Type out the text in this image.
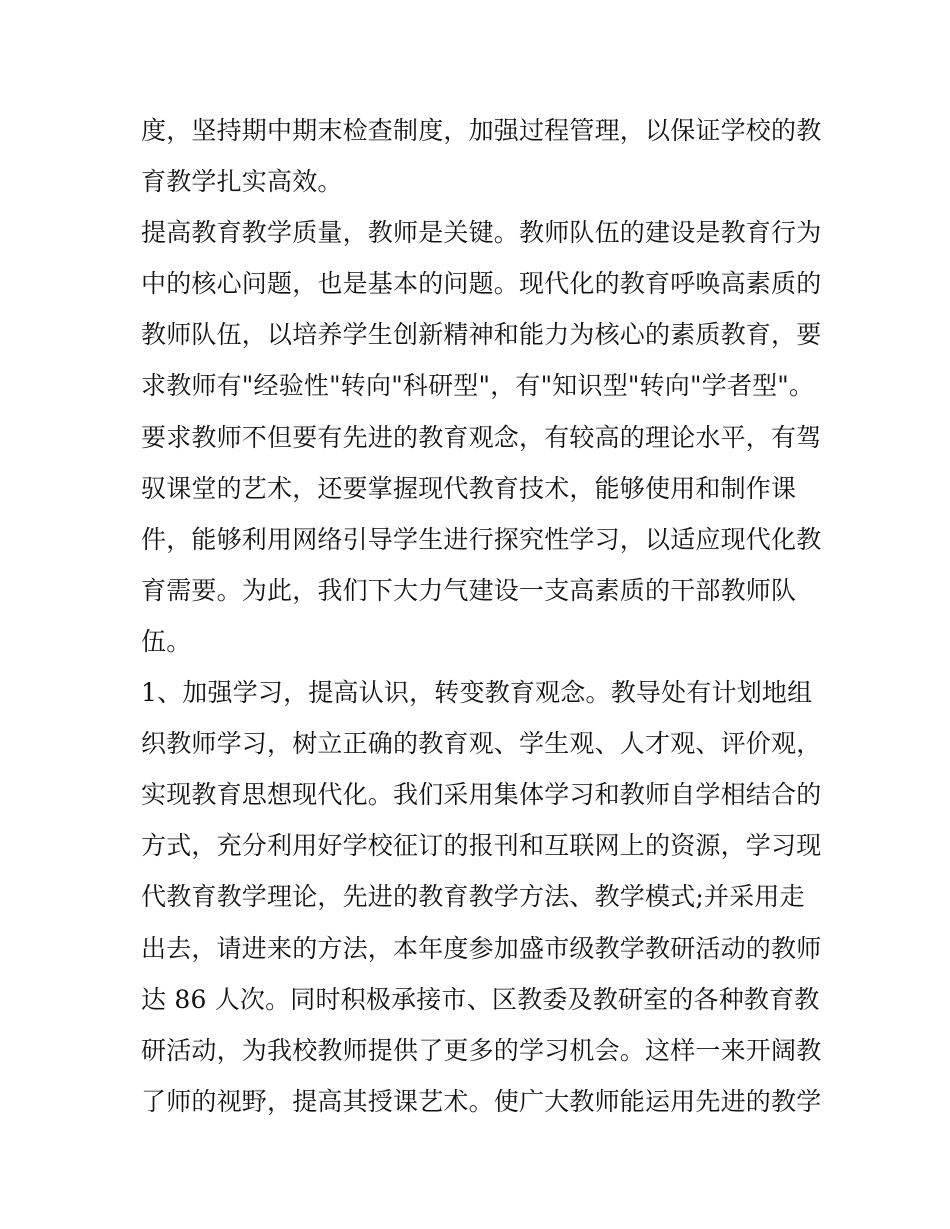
度，坚持期中期末检查制度，加强过程管理，以保证学校的教
育教学扎实高效。
提高教育教学质量，教师是关键。教师队伍的建设是教育行为
中的核心问题，也是基本的问题。现代化的教育呼唤高素质的
教师队伍，以培养学生创新精神和能力为核心的素质教育，要
求教师有"经验性"转向"科研型"，有"知识型"转向"学者型"。
要求教师不但要有先进的教育观念，有较高的理论水平，有驾
驭课堂的艺术，还要掌握现代教育技术，能够使用和制作课
件，能够利用网络引导学生进行探究性学习，以适应现代化教
育需要。为此，我们下大力气建设一支高素质的干部教师队
伍。
1、加强学习，提高认识，转变教育观念。教导处有计划地组
织教师学习，树立正确的教育观、学生观、人才观、评价观，
实现教育思想现代化。我们采用集体学习和教师自学相结合的
方式，充分利用好学校征订的报刊和互联网上的资源，学习现
代教育教学理论，先进的教育教学方法、教学模式;并采用走
出去，请进来的方法，本年度参加盛市级教学教研活动的教师
达 86 人次。同时积极承接市、区教委及教研室的各种教育教
研活动，为我校教师提供了更多的学习机会。这样一来开阔教
了师的视野，提高其授课艺术。使广大教师能运用先进的教学
